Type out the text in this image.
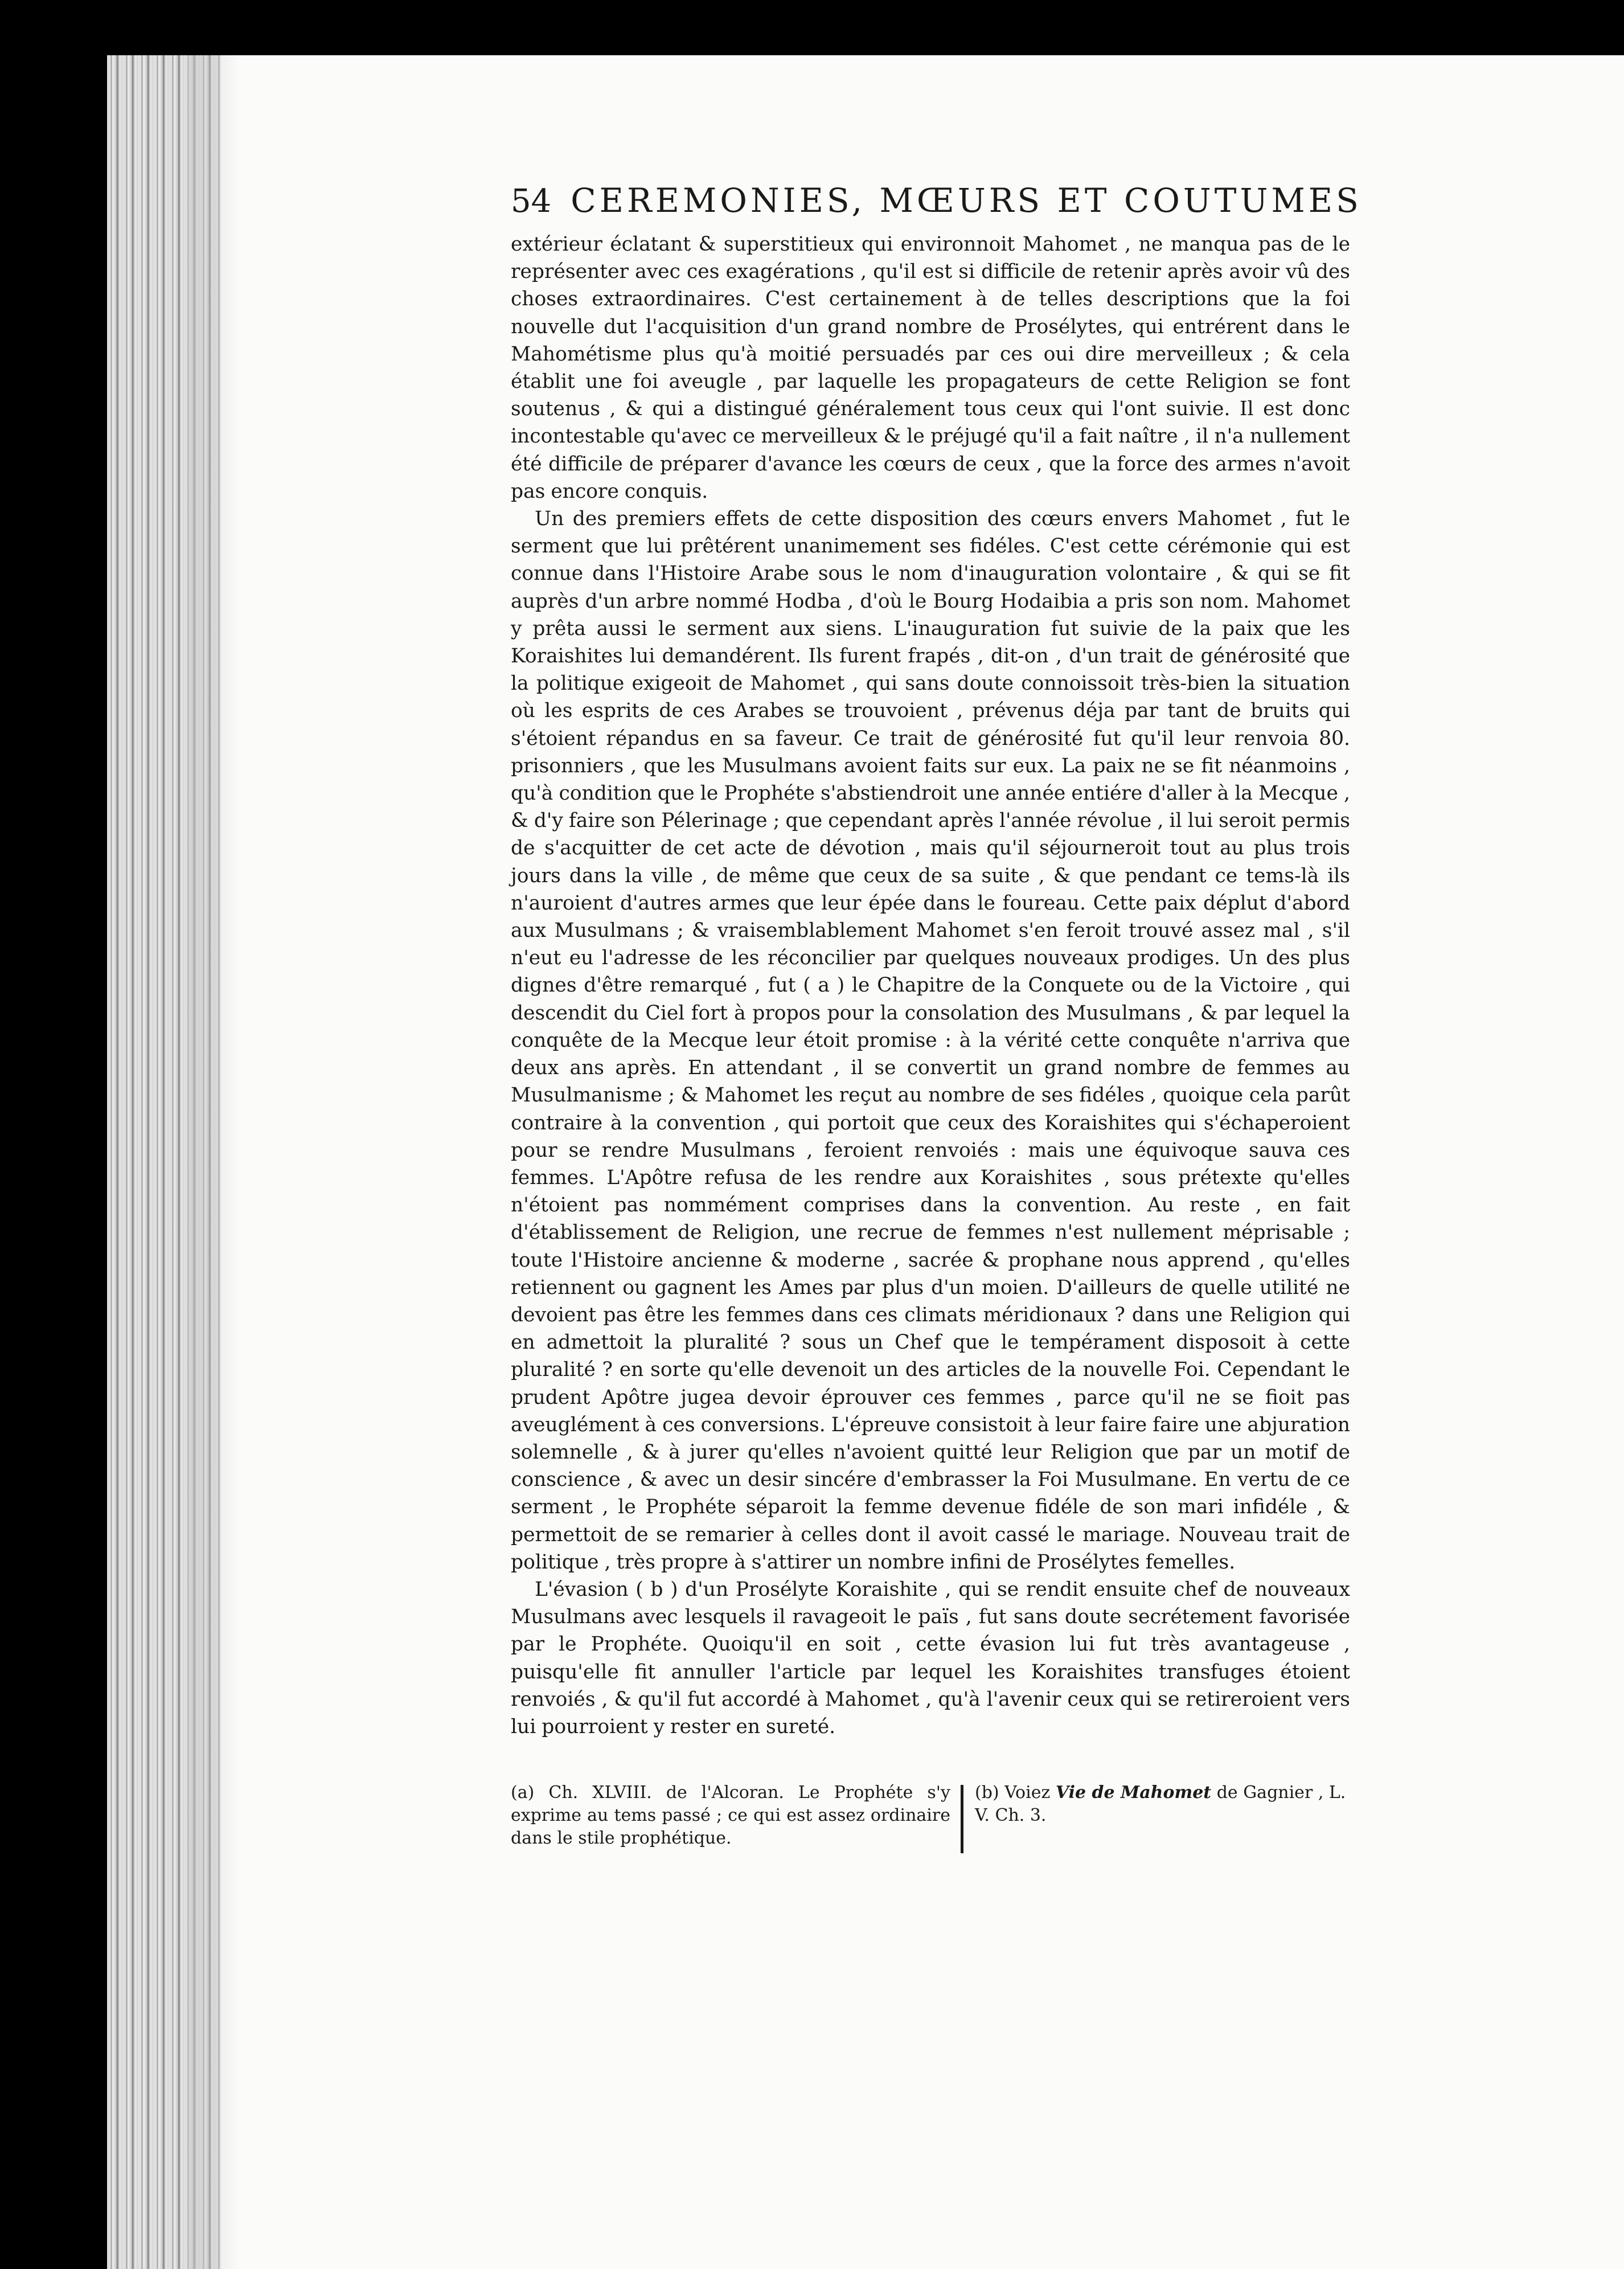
54 CEREMONIES, MŒURS ET COUTUMES

extérieur éclatant & superstitieux qui environnoit Mahomet , ne manqua pas de le représenter avec ces exagérations , qu'il est si difficile de retenir après avoir vû des choses extraordinaires. C'est certainement à de telles descriptions que la foi nouvelle dut l'acquisition d'un grand nombre de Prosélytes, qui entrérent dans le Mahométisme plus qu'à moitié persuadés par ces oui dire merveilleux ; & cela établit une foi aveugle , par laquelle les propagateurs de cette Religion se font soutenus , & qui a distingué généralement tous ceux qui l'ont suivie. Il est donc incontestable qu'avec ce merveilleux & le préjugé qu'il a fait naître , il n'a nullement été difficile de préparer d'avance les cœurs de ceux , que la force des armes n'avoit pas encore conquis.

Un des premiers effets de cette disposition des cœurs envers Mahomet , fut le serment que lui prêtérent unanimement ses fidéles. C'est cette cérémonie qui est connue dans l'Histoire Arabe sous le nom d'inauguration volontaire , & qui se fit auprès d'un arbre nommé Hodba , d'où le Bourg Hodaibia a pris son nom. Mahomet y prêta aussi le serment aux siens. L'inauguration fut suivie de la paix que les Koraishites lui demandérent. Ils furent frapés , dit-on , d'un trait de générosité que la politique exigeoit de Mahomet , qui sans doute connoissoit très-bien la situation où les esprits de ces Arabes se trouvoient , prévenus déja par tant de bruits qui s'étoient répandus en sa faveur. Ce trait de générosité fut qu'il leur renvoia 80. prisonniers , que les Musulmans avoient faits sur eux. La paix ne se fit néanmoins , qu'à condition que le Prophéte s'abstiendroit une année entiére d'aller à la Mecque , & d'y faire son Pélerinage ; que cependant après l'année révolue , il lui seroit permis de s'acquitter de cet acte de dévotion , mais qu'il séjourneroit tout au plus trois jours dans la ville , de même que ceux de sa suite , & que pendant ce tems-là ils n'auroient d'autres armes que leur épée dans le foureau. Cette paix déplut d'abord aux Musulmans ; & vraisemblablement Mahomet s'en feroit trouvé assez mal , s'il n'eut eu l'adresse de les réconcilier par quelques nouveaux prodiges. Un des plus dignes d'être remarqué , fut ( a ) le Chapitre de la Conquete ou de la Victoire , qui descendit du Ciel fort à propos pour la consolation des Musulmans , & par lequel la conquête de la Mecque leur étoit promise : à la vérité cette conquête n'arriva que deux ans après. En attendant , il se convertit un grand nombre de femmes au Musulmanisme ; & Mahomet les reçut au nombre de ses fidéles , quoique cela parût contraire à la convention , qui portoit que ceux des Koraishites qui s'échaperoient pour se rendre Musulmans , feroient renvoiés : mais une équivoque sauva ces femmes. L'Apôtre refusa de les rendre aux Koraishites , sous prétexte qu'elles n'étoient pas nommément comprises dans la convention. Au reste , en fait d'établissement de Religion, une recrue de femmes n'est nullement méprisable ; toute l'Histoire ancienne & moderne , sacrée & prophane nous apprend , qu'elles retiennent ou gagnent les Ames par plus d'un moien. D'ailleurs de quelle utilité ne devoient pas être les femmes dans ces climats méridionaux ? dans une Religion qui en admettoit la pluralité ? sous un Chef que le tempérament disposoit à cette pluralité ? en sorte qu'elle devenoit un des articles de la nouvelle Foi. Cependant le prudent Apôtre jugea devoir éprouver ces femmes , parce qu'il ne se fioit pas aveuglément à ces conversions. L'épreuve consistoit à leur faire faire une abjuration solemnelle , & à jurer qu'elles n'avoient quitté leur Religion que par un motif de conscience , & avec un desir sincére d'embrasser la Foi Musulmane. En vertu de ce serment , le Prophéte séparoit la femme devenue fidéle de son mari infidéle , & permettoit de se remarier à celles dont il avoit cassé le mariage. Nouveau trait de politique , très propre à s'attirer un nombre infini de Prosélytes femelles.

L'évasion ( b ) d'un Prosélyte Koraishite , qui se rendit ensuite chef de nouveaux Musulmans avec lesquels il ravageoit le païs , fut sans doute secrétement favorisée par le Prophéte. Quoiqu'il en soit , cette évasion lui fut très avantageuse , puisqu'elle fit annuller l'article par lequel les Koraishites transfuges étoient renvoiés , & qu'il fut accordé à Mahomet , qu'à l'avenir ceux qui se retireroient vers lui pourroient y rester en sureté.

(a) Ch. XLVIII. de l'Alcoran. Le Prophéte s'y exprime au tems passé ; ce qui est assez ordinaire dans le stile prophétique.
(b) Voiez Vie de Mahomet de Gagnier , L. V. Ch. 3.
